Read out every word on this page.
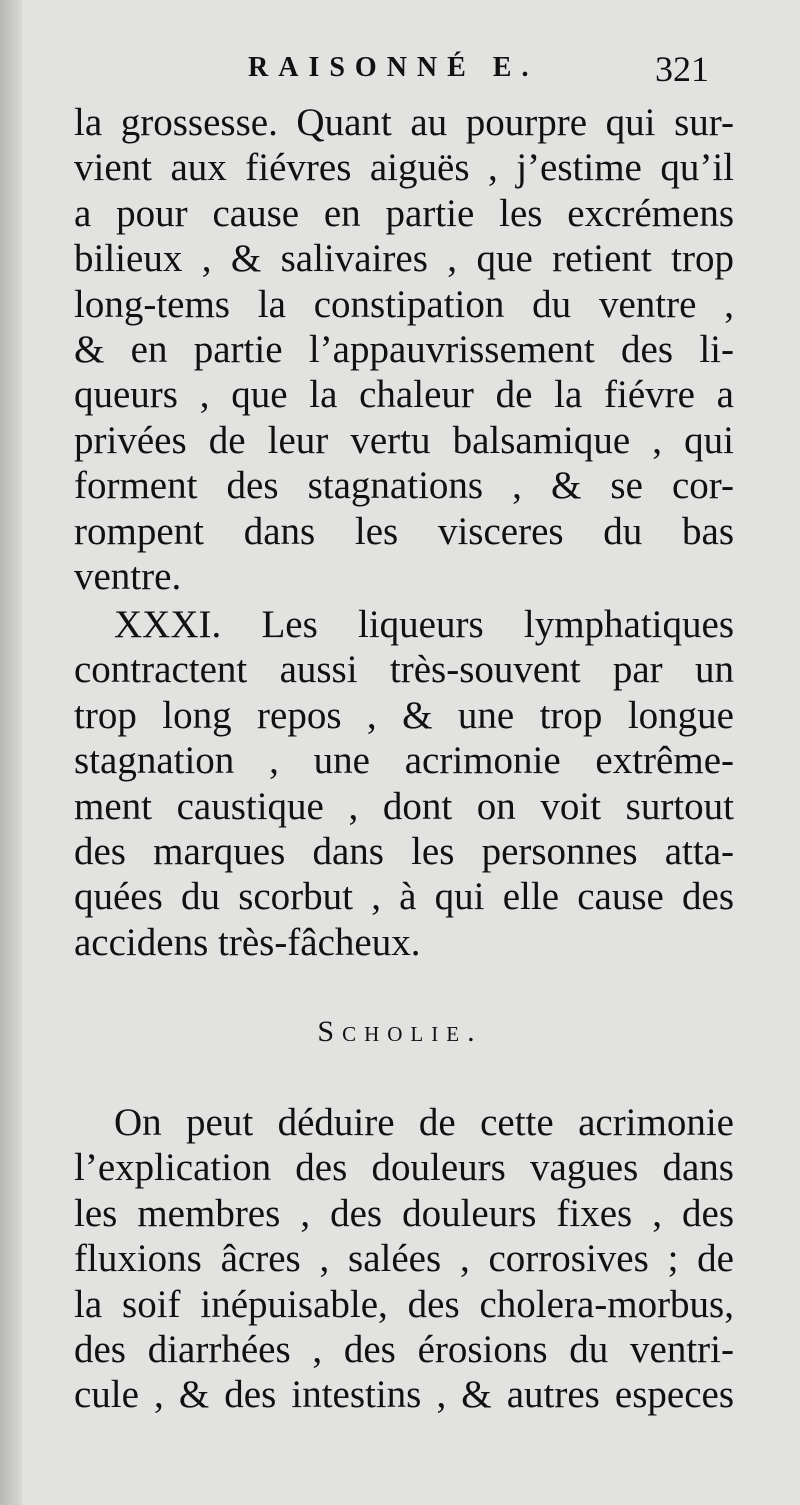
RAISONNÉ E.	321
la grossesse. Quant au pourpre qui sur-
vient aux fiévres aiguës , j’estime qu’il
a pour cause en partie les excrémens
bilieux , & salivaires , que retient trop
long-tems la constipation du ventre ,
& en partie l’appauvrissement des li-
queurs , que la chaleur de la fiévre a
privées de leur vertu balsamique , qui
forment des stagnations , & se cor-
rompent dans les visceres du bas
ventre.
XXXI. Les liqueurs lymphatiques
contractent aussi très-souvent par un
trop long repos , & une trop longue
stagnation , une acrimonie extrême-
ment caustique , dont on voit surtout
des marques dans les personnes atta-
quées du scorbut , à qui elle cause des
accidens très-fâcheux.
Scholie.
On peut déduire de cette acrimonie
l’explication des douleurs vagues dans
les membres , des douleurs fixes , des
fluxions âcres , salées , corrosives ; de
la soif inépuisable, des cholera-morbus,
des diarrhées , des érosions du ventri-
cule , & des intestins , & autres especes
